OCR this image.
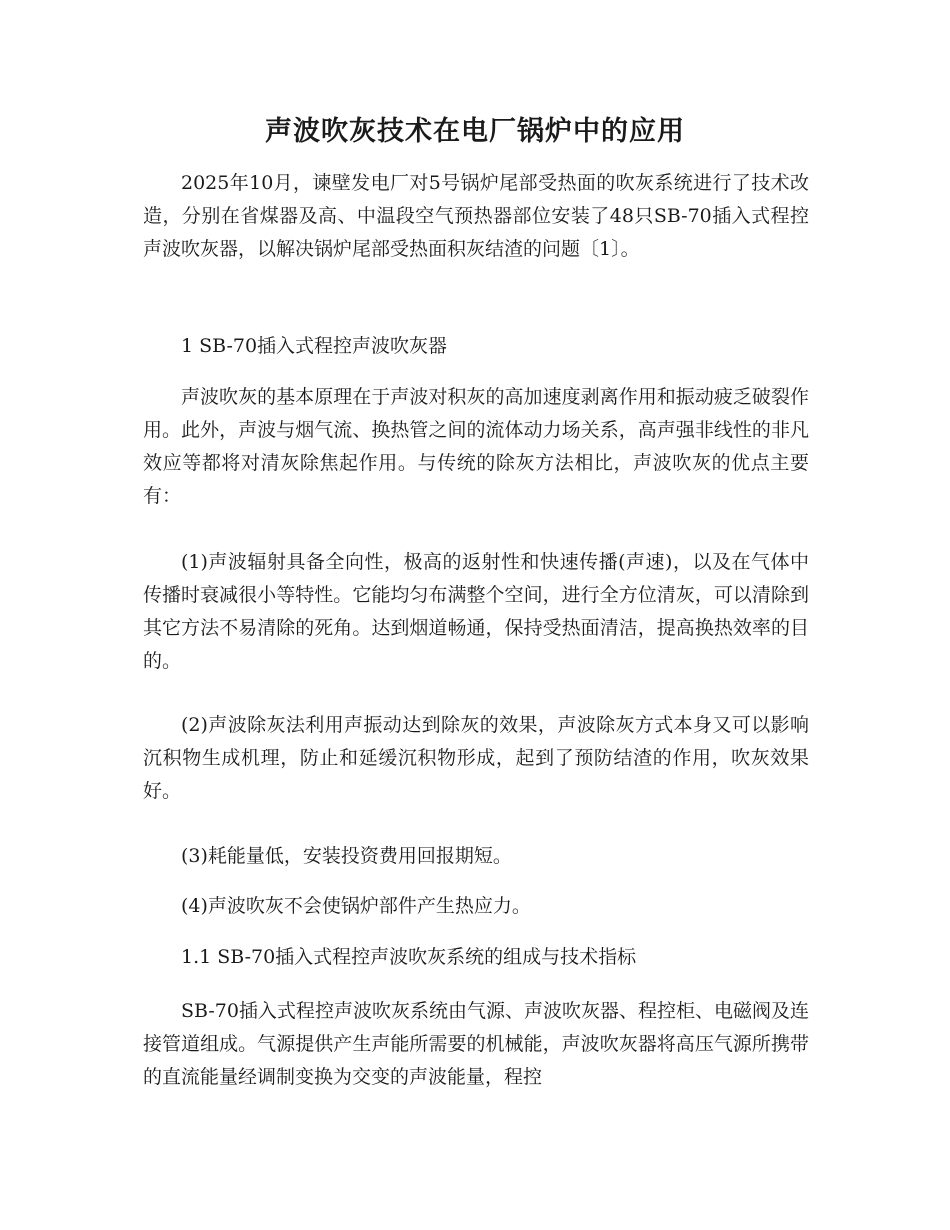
声波吹灰技术在电厂锅炉中的应用

2025年10月，谏壁发电厂对5号锅炉尾部受热面的吹灰系统进行了技术改造，分别在省煤器及高、中温段空气预热器部位安装了48只SB-70插入式程控声波吹灰器，以解决锅炉尾部受热面积灰结渣的问题〔1〕。

1 SB-70插入式程控声波吹灰器

声波吹灰的基本原理在于声波对积灰的高加速度剥离作用和振动疲乏破裂作用。此外，声波与烟气流、换热管之间的流体动力场关系，高声强非线性的非凡效应等都将对清灰除焦起作用。与传统的除灰方法相比，声波吹灰的优点主要有：

(1)声波辐射具备全向性，极高的返射性和快速传播(声速)，以及在气体中传播时衰减很小等特性。它能均匀布满整个空间，进行全方位清灰，可以清除到其它方法不易清除的死角。达到烟道畅通，保持受热面清洁，提高换热效率的目的。

(2)声波除灰法利用声振动达到除灰的效果，声波除灰方式本身又可以影响沉积物生成机理，防止和延缓沉积物形成，起到了预防结渣的作用，吹灰效果好。

(3)耗能量低，安装投资费用回报期短。

(4)声波吹灰不会使锅炉部件产生热应力。

1.1 SB-70插入式程控声波吹灰系统的组成与技术指标

SB-70插入式程控声波吹灰系统由气源、声波吹灰器、程控柜、电磁阀及连接管道组成。气源提供产生声能所需要的机械能，声波吹灰器将高压气源所携带的直流能量经调制变换为交变的声波能量，程控
